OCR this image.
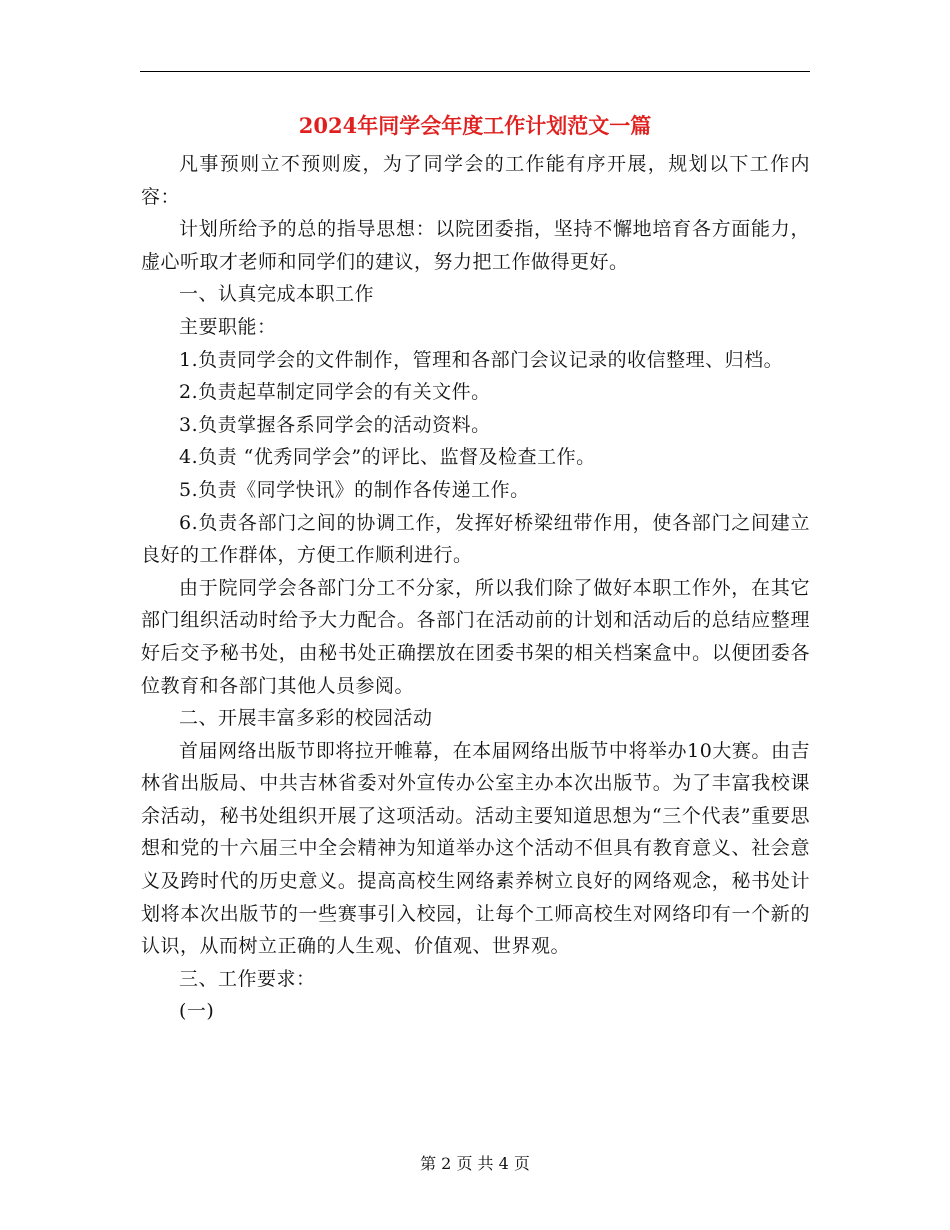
2024年同学会年度工作计划范文一篇

凡事预则立不预则废，为了同学会的工作能有序开展，规划以下工作内容：

计划所给予的总的指导思想：以院团委指，坚持不懈地培育各方面能力，虚心听取才老师和同学们的建议，努力把工作做得更好。

一、认真完成本职工作

主要职能：

1.负责同学会的文件制作，管理和各部门会议记录的收信整理、归档。

2.负责起草制定同学会的有关文件。

3.负责掌握各系同学会的活动资料。

4.负责 “优秀同学会”的评比、监督及检查工作。

5.负责《同学快讯》的制作各传递工作。

6.负责各部门之间的协调工作，发挥好桥梁纽带作用，使各部门之间建立良好的工作群体，方便工作顺利进行。

由于院同学会各部门分工不分家，所以我们除了做好本职工作外，在其它部门组织活动时给予大力配合。各部门在活动前的计划和活动后的总结应整理好后交予秘书处，由秘书处正确摆放在团委书架的相关档案盒中。以便团委各位教育和各部门其他人员参阅。

二、开展丰富多彩的校园活动

首届网络出版节即将拉开帷幕，在本届网络出版节中将举办10大赛。由吉林省出版局、中共吉林省委对外宣传办公室主办本次出版节。为了丰富我校课余活动，秘书处组织开展了这项活动。活动主要知道思想为“三个代表”重要思想和党的十六届三中全会精神为知道举办这个活动不但具有教育意义、社会意义及跨时代的历史意义。提高高校生网络素养树立良好的网络观念，秘书处计划将本次出版节的一些赛事引入校园，让每个工师高校生对网络印有一个新的认识，从而树立正确的人生观、价值观、世界观。

三、工作要求：

(一)

第 2 页 共 4 页
